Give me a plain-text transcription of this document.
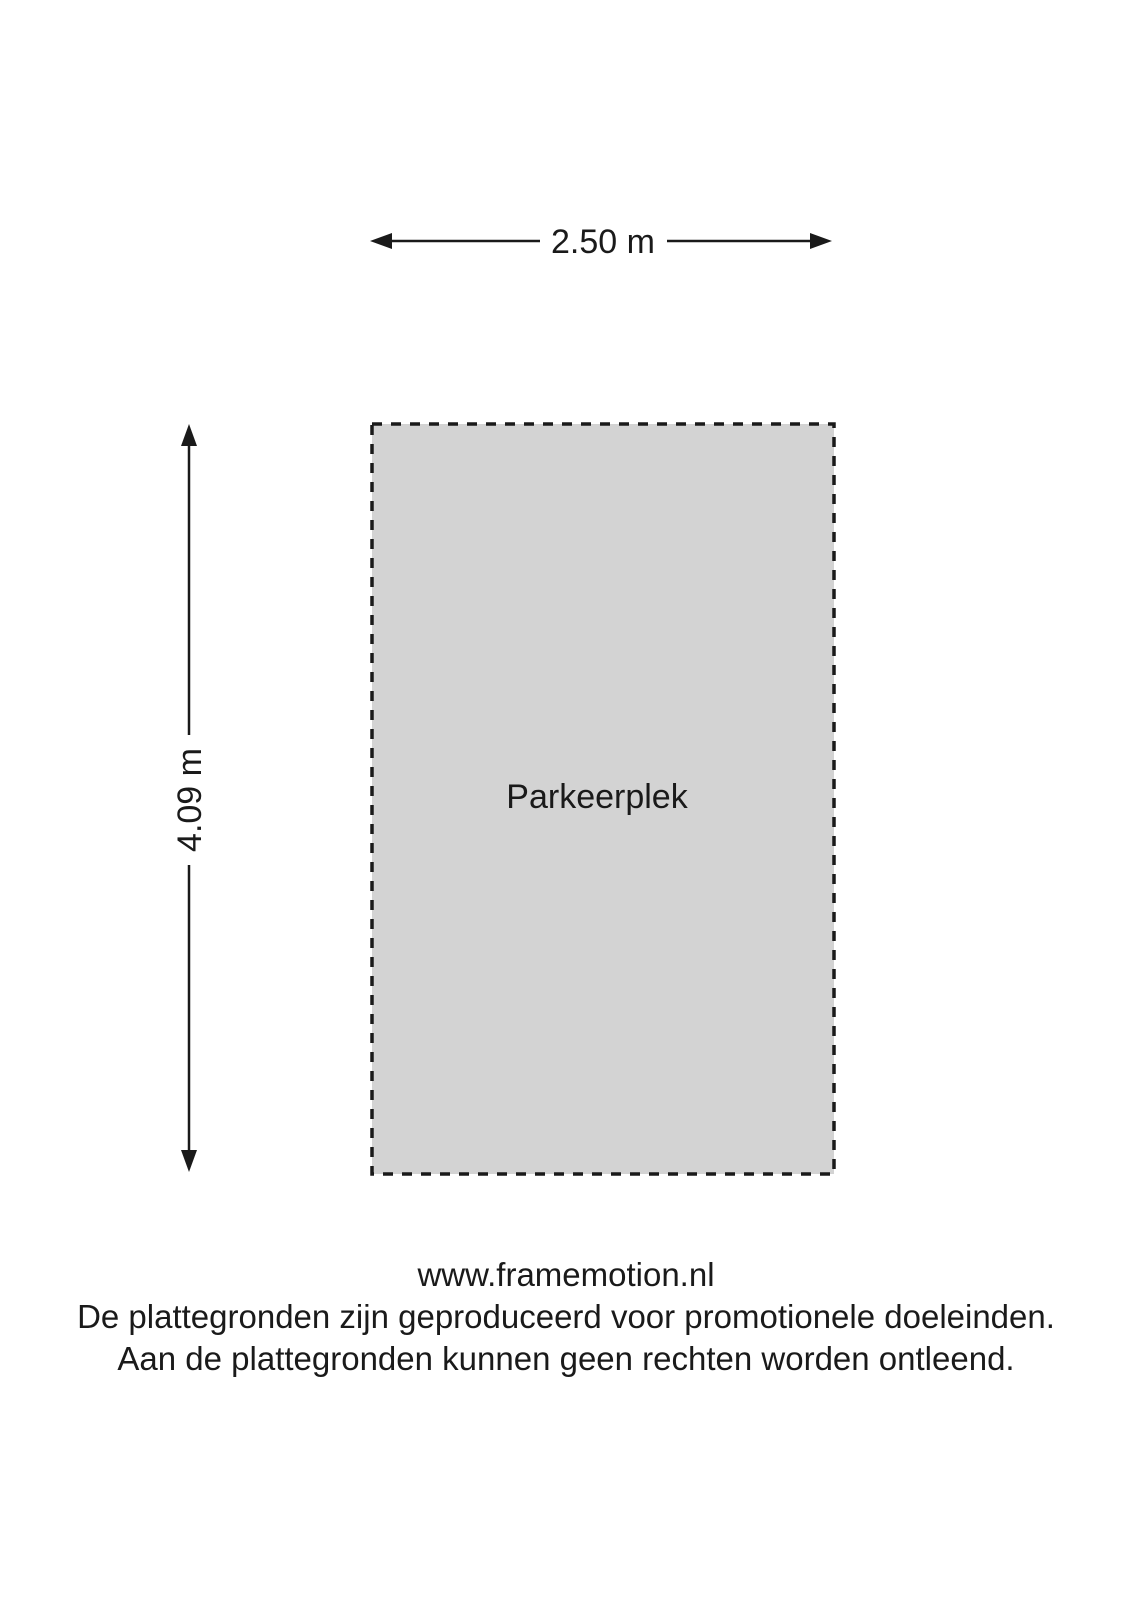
2.50 m
4.09 m	Parkeerplek
www.framemotion.nl
De plattegronden zijn geproduceerd voor promotionele doeleinden.
Aan de plattegronden kunnen geen rechten worden ontleend.
